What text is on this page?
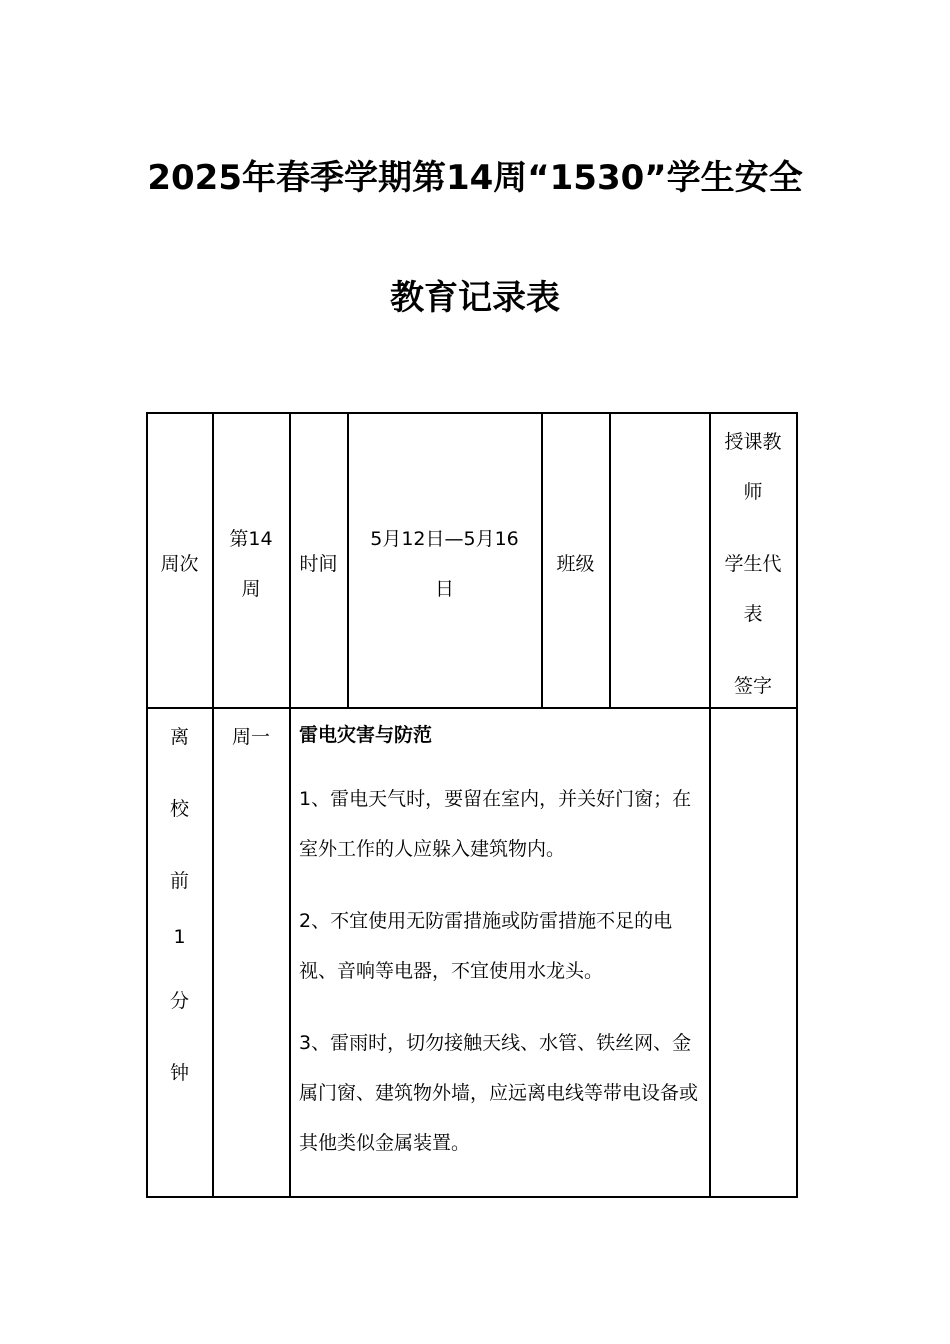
2025年春季学期第14周“1530”学生安全
教育记录表
周次
第14
周
时间
5月12日—5月16
日
班级
授课教
师
学生代
表
签字
离
校
前
1
分
钟
周一	雷电灾害与防范
1、雷电天气时，要留在室内，并关好门窗；在室外工作的人应躲入建筑物内。
2、不宜使用无防雷措施或防雷措施不足的电视、音响等电器，不宜使用水龙头。
3、雷雨时，切勿接触天线、水管、铁丝网、金属门窗、建筑物外墙，应远离电线等带电设备或其他类似金属装置。
